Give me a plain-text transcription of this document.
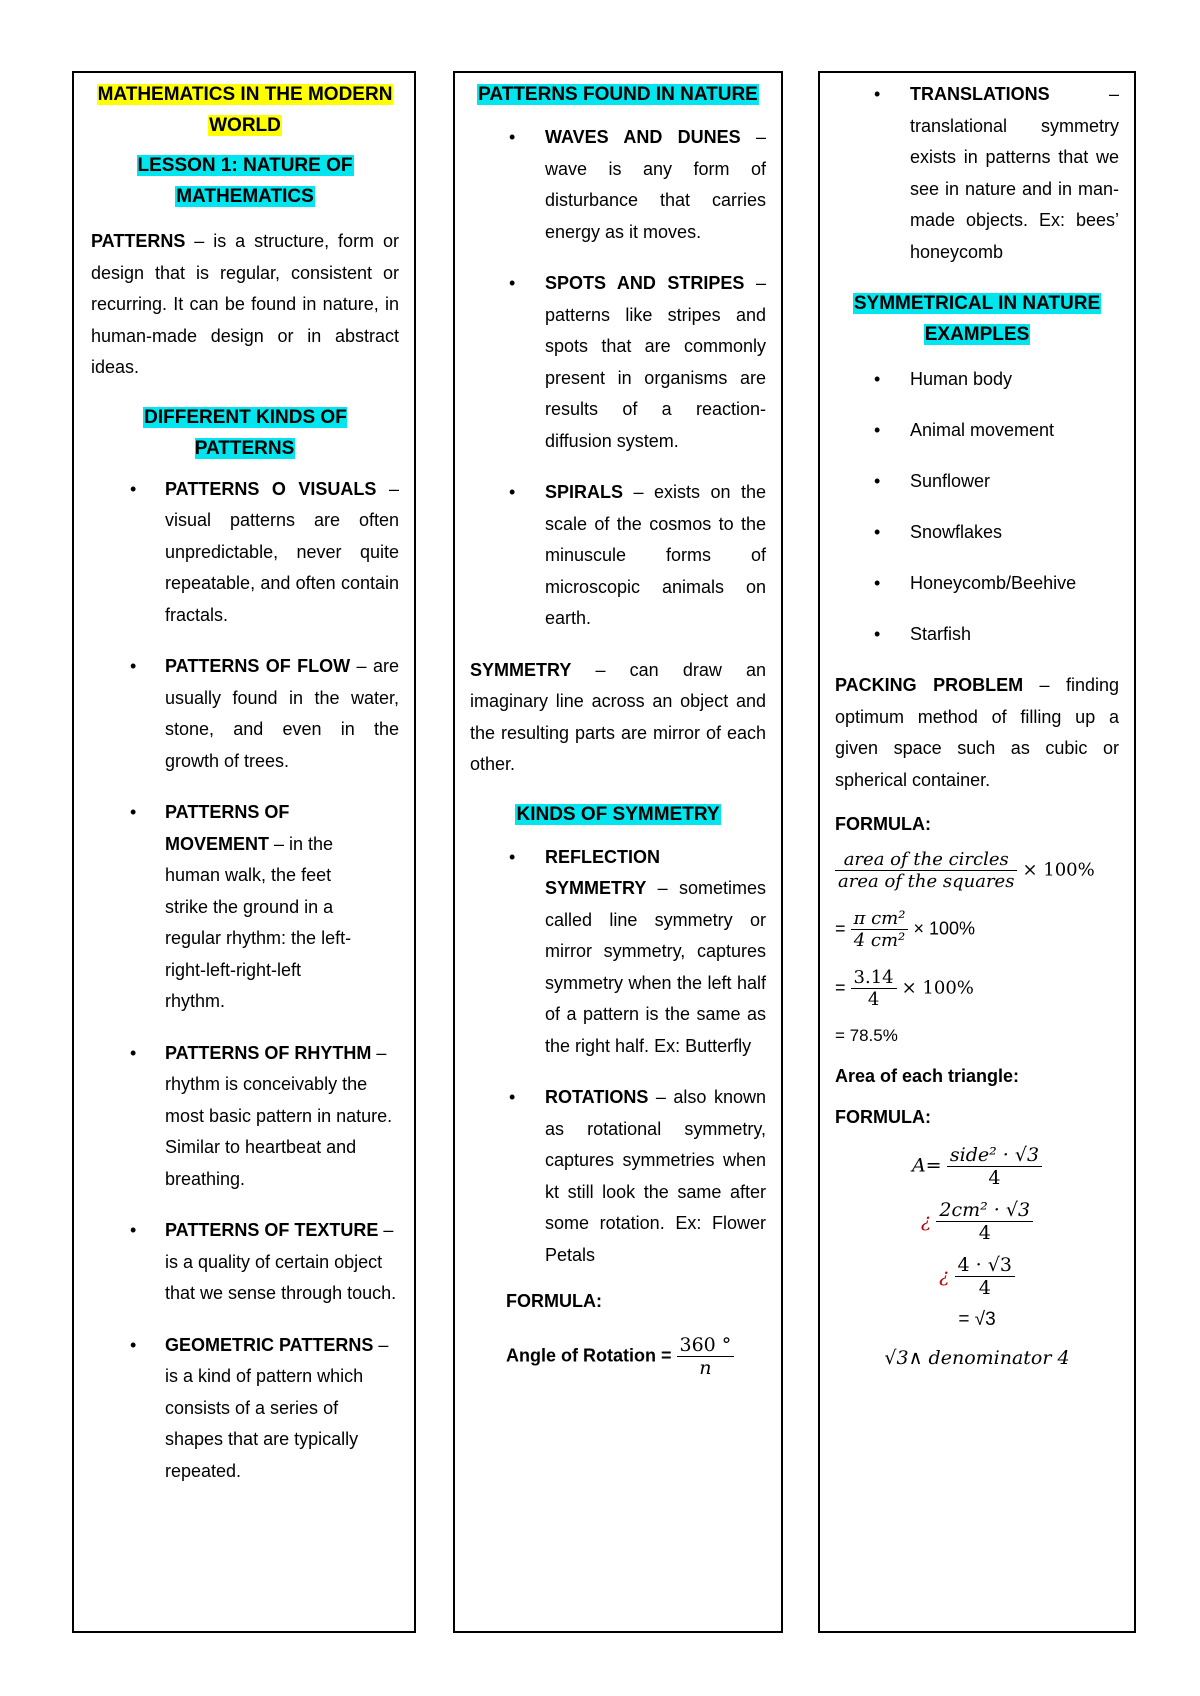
MATHEMATICS IN THE MODERN
WORLD
LESSON 1: NATURE OF
MATHEMATICS

PATTERNS – is a structure, form or design that is regular, consistent or recurring. It can be found in nature, in human-made design or in abstract ideas.

DIFFERENT KINDS OF PATTERNS
• PATTERNS O VISUALS – visual patterns are often unpredictable, never quite repeatable, and often contain fractals.
• PATTERNS OF FLOW – are usually found in the water, stone, and even in the growth of trees.
• PATTERNS OF MOVEMENT – in the human walk, the feet strike the ground in a regular rhythm: the left-right-left-right-left rhythm.
• PATTERNS OF RHYTHM – rhythm is conceivably the most basic pattern in nature. Similar to heartbeat and breathing.
• PATTERNS OF TEXTURE – is a quality of certain object that we sense through touch.
• GEOMETRIC PATTERNS – is a kind of pattern which consists of a series of shapes that are typically repeated.
PATTERNS FOUND IN NATURE
• WAVES AND DUNES – wave is any form of disturbance that carries energy as it moves.
• SPOTS AND STRIPES – patterns like stripes and spots that are commonly present in organisms are results of a reaction-diffusion system.
• SPIRALS – exists on the scale of the cosmos to the minuscule forms of microscopic animals on earth.

SYMMETRY – can draw an imaginary line across an object and the resulting parts are mirror of each other.

KINDS OF SYMMETRY
• REFLECTION SYMMETRY – sometimes called line symmetry or mirror symmetry, captures symmetry when the left half of a pattern is the same as the right half. Ex: Butterfly
• ROTATIONS – also known as rotational symmetry, captures symmetries when kt still look the same after some rotation. Ex: Flower Petals
FORMULA:
Angle of Rotation = $\frac{360 ^\circ}{n}$
• TRANSLATIONS – translational symmetry exists in patterns that we see in nature and in man-made objects. Ex: bees’ honeycomb
SYMMETRICAL IN NATURE
EXAMPLES
• Human body
• Animal movement
• Sunflower
• Snowflakes
• Honeycomb/Beehive
• Starfish

PACKING PROBLEM – finding optimum method of filling up a given space such as cubic or spherical container.

FORMULA:
$\frac{\text{area of the circles}}{\text{area of the squares}} \times 100\%$
= $\frac{\text{π cm²}}{\text{4 cm²}} \times 100\%$
= $\frac{3.14}{4} \times 100\%$
= 78.5%
Area of each triangle:
FORMULA:
$A= \frac{\text{side² · √3}}{4}$
¿ $\frac{\text{2cm² · √3}}{4}$
¿ $\frac{4 \cdot √3}{4}$
= √3
√3∧ denominator 4
